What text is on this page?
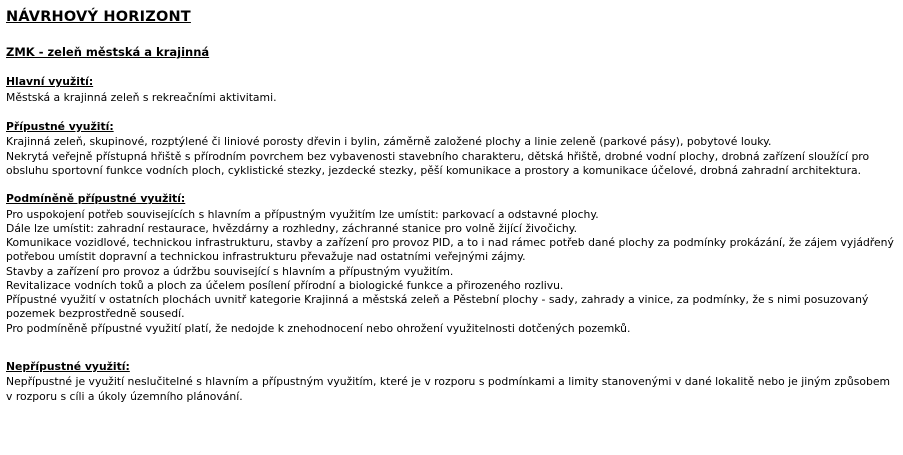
NÁVRHOVÝ HORIZONT
ZMK - zeleň městská a krajinná
Hlavní využití:

Městská a krajinná zeleň s rekreačními aktivitami.

Přípustné využití:

Krajinná zeleň, skupinové, rozptýlené či liniové porosty dřevin i bylin, záměrně založené plochy a linie zeleně (parkové pásy), pobytové louky.

Nekrytá veřejně přístupná hřiště s přírodním povrchem bez vybavenosti stavebního charakteru, dětská hřiště, drobné vodní plochy, drobná zařízení sloužící pro obsluhu sportovní funkce vodních ploch, cyklistické stezky, jezdecké stezky, pěší komunikace a prostory a komunikace účelové, drobná zahradní architektura.

Podmíněně přípustné využití:

Pro uspokojení potřeb souvisejících s hlavním a přípustným využitím lze umístit: parkovací a odstavné plochy.

Dále lze umístit: zahradní restaurace, hvězdárny a rozhledny, záchranné stanice pro volně žijící živočichy.

Komunikace vozidlové, technickou infrastrukturu, stavby a zařízení pro provoz PID, a to i nad rámec potřeb dané plochy za podmínky prokázání, že zájem vyjádřený potřebou umístit dopravní a technickou infrastrukturu převažuje nad ostatními veřejnými zájmy.

Stavby a zařízení pro provoz a údržbu související s hlavním a přípustným využitím.

Revitalizace vodních toků a ploch za účelem posílení přírodní a biologické funkce a přirozeného rozlivu.

Přípustné využití v ostatních plochách uvnitř kategorie Krajinná a městská zeleň a Pěstební plochy - sady, zahrady a vinice, za podmínky, že s nimi posuzovaný pozemek bezprostředně sousedí.

Pro podmíněně přípustné využití platí, že nedojde k znehodnocení nebo ohrožení využitelnosti dotčených pozemků.

Nepřípustné využití:

Nepřípustné je využití neslučitelné s hlavním a přípustným využitím, které je v rozporu s podmínkami a limity stanovenými v dané lokalitě nebo je jiným způsobem v rozporu s cíli a úkoly územního plánování.
